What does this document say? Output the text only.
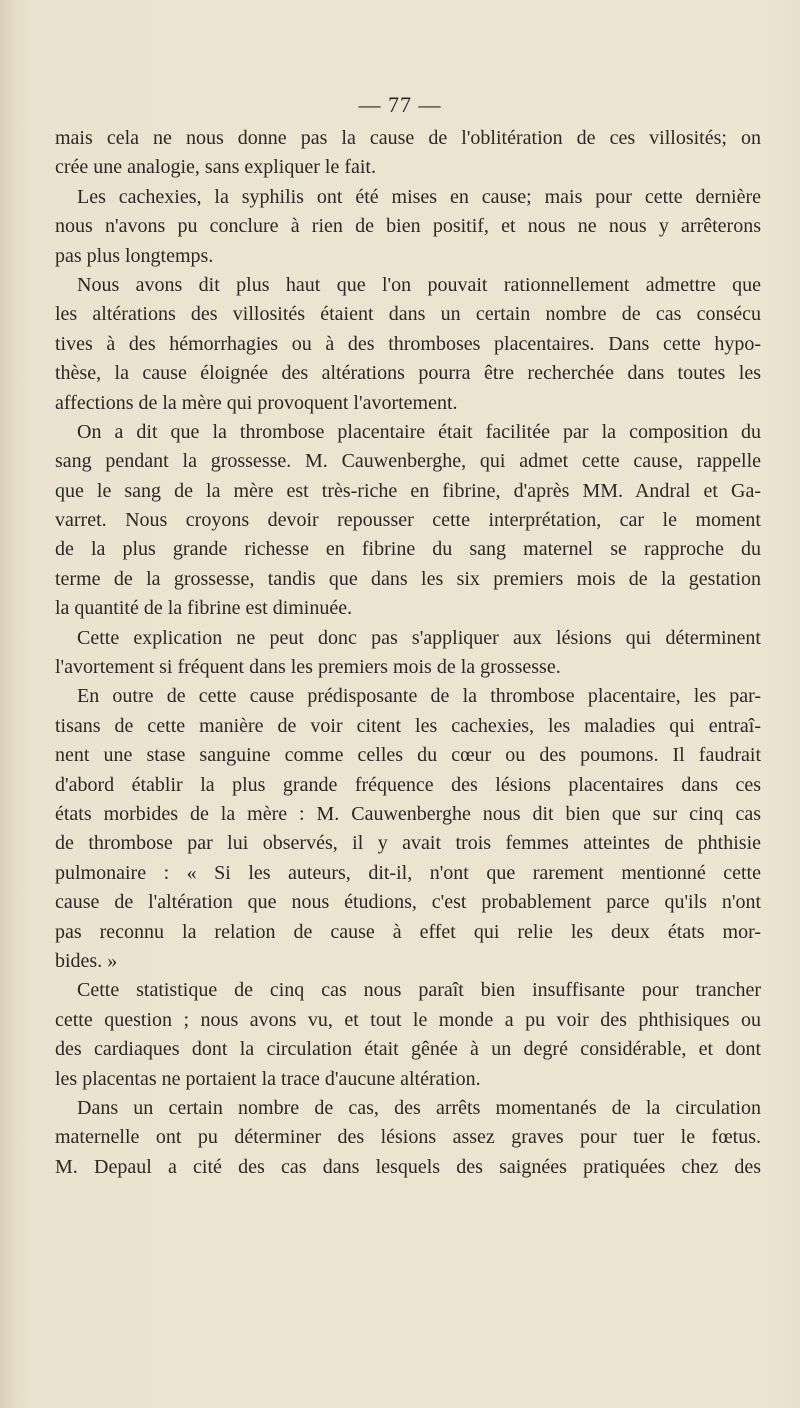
— 77 —
mais cela ne nous donne pas la cause de l'oblitération de ces villosités; on
crée une analogie, sans expliquer le fait.
Les cachexies, la syphilis ont été mises en cause; mais pour cette dernière
nous n'avons pu conclure à rien de bien positif, et nous ne nous y arrêterons
pas plus longtemps.
Nous avons dit plus haut que l'on pouvait rationnellement admettre que
les altérations des villosités étaient dans un certain nombre de cas consécu
tives à des hémorrhagies ou à des thromboses placentaires. Dans cette hypo-
thèse, la cause éloignée des altérations pourra être recherchée dans toutes les
affections de la mère qui provoquent l'avortement.
On a dit que la thrombose placentaire était facilitée par la composition du
sang pendant la grossesse. M. Cauwenberghe, qui admet cette cause, rappelle
que le sang de la mère est très-riche en fibrine, d'après MM. Andral et Ga-
varret. Nous croyons devoir repousser cette interprétation, car le moment
de la plus grande richesse en fibrine du sang maternel se rapproche du
terme de la grossesse, tandis que dans les six premiers mois de la gestation
la quantité de la fibrine est diminuée.
Cette explication ne peut donc pas s'appliquer aux lésions qui déterminent
l'avortement si fréquent dans les premiers mois de la grossesse.
En outre de cette cause prédisposante de la thrombose placentaire, les par-
tisans de cette manière de voir citent les cachexies, les maladies qui entraî-
nent une stase sanguine comme celles du cœur ou des poumons. Il faudrait
d'abord établir la plus grande fréquence des lésions placentaires dans ces
états morbides de la mère : M. Cauwenberghe nous dit bien que sur cinq cas
de thrombose par lui observés, il y avait trois femmes atteintes de phthisie
pulmonaire : « Si les auteurs, dit-il, n'ont que rarement mentionné cette
cause de l'altération que nous étudions, c'est probablement parce qu'ils n'ont
pas reconnu la relation de cause à effet qui relie les deux états mor-
bides. »
Cette statistique de cinq cas nous paraît bien insuffisante pour trancher
cette question ; nous avons vu, et tout le monde a pu voir des phthisiques ou
des cardiaques dont la circulation était gênée à un degré considérable, et dont
les placentas ne portaient la trace d'aucune altération.
Dans un certain nombre de cas, des arrêts momentanés de la circulation
maternelle ont pu déterminer des lésions assez graves pour tuer le fœtus.
M. Depaul a cité des cas dans lesquels des saignées pratiquées chez des
